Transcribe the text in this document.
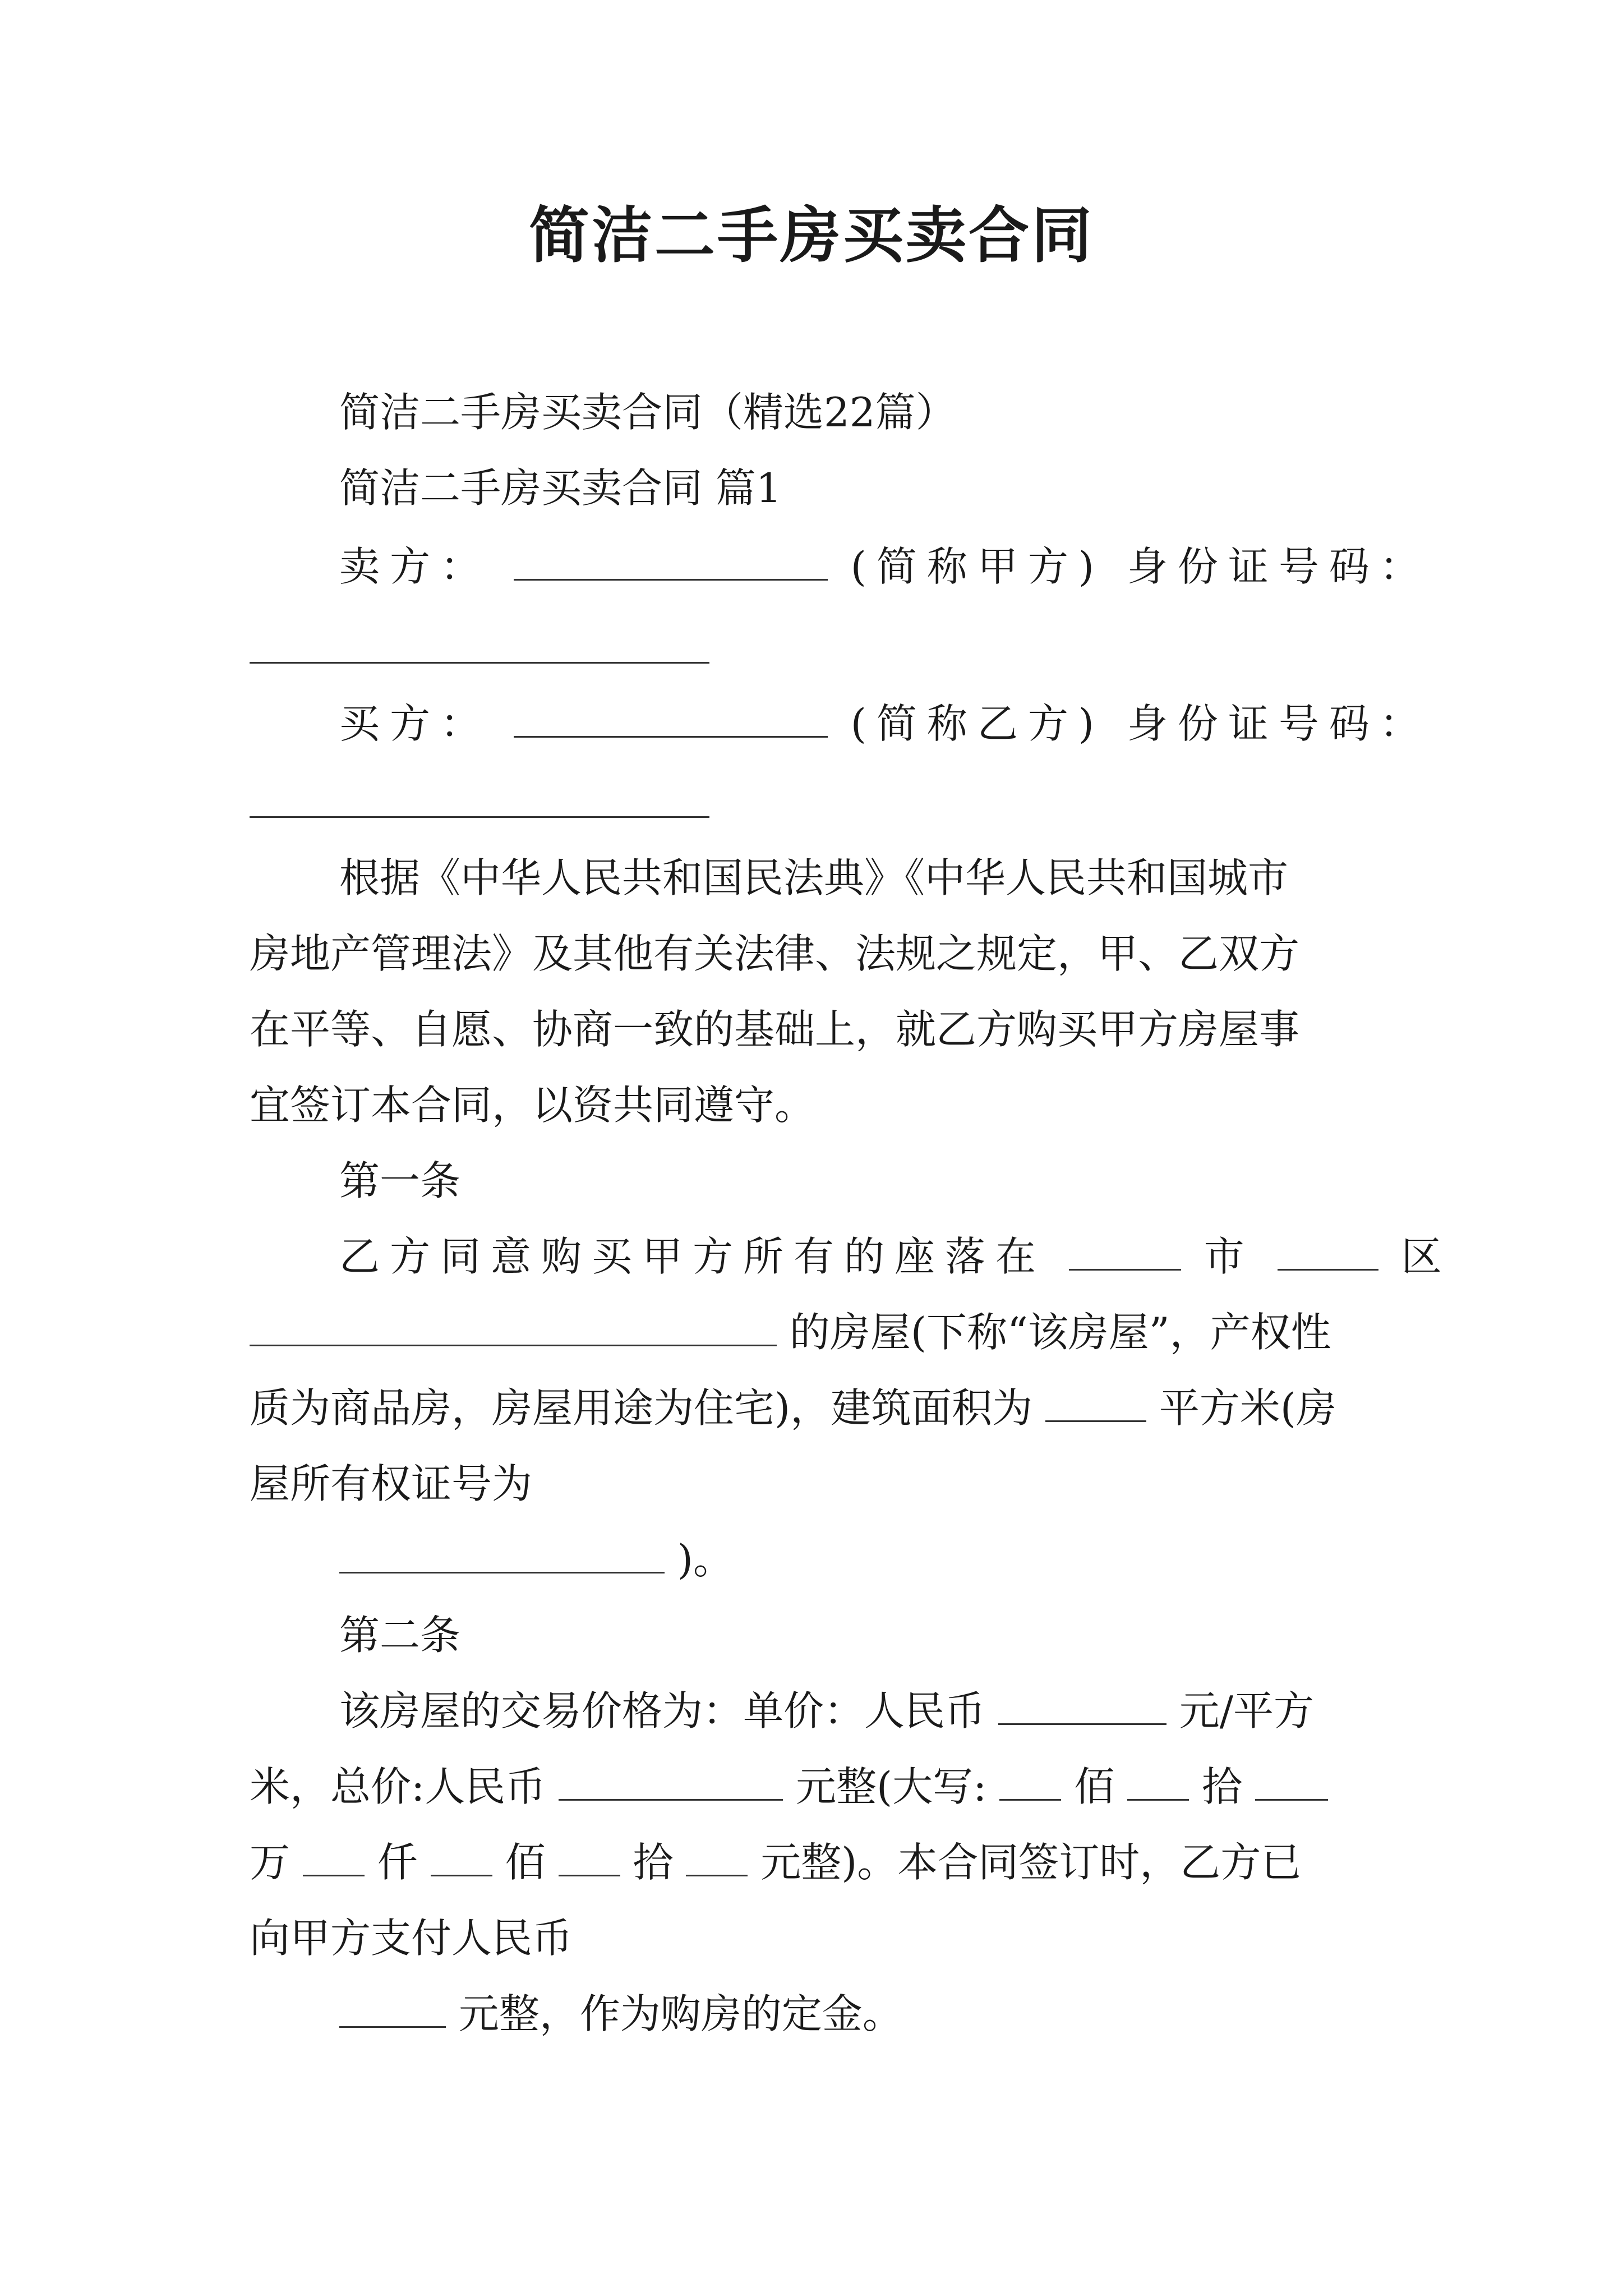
简洁二手房买卖合同
简洁二手房买卖合同（精选22篇）
简洁二手房买卖合同 篇1
卖方：	(简称甲方) 身份证号码：
买方：	(简称乙方) 身份证号码：
根据《中华人民共和国民法典》《中华人民共和国城市
房地产管理法》及其他有关法律、法规之规定，甲、乙双方
在平等、自愿、协商一致的基础上，就乙方购买甲方房屋事
宜签订本合同，以资共同遵守。
第一条
乙方同意购买甲方所有的座落在	市	区
的房屋(下称“该房屋”，产权性
质为商品房，房屋用途为住宅)，建筑面积为	平方米(房
屋所有权证号为
)。
第二条
该房屋的交易价格为：单价：人民币	元/平方
米，总价:人民币	元整(大写: 佰 拾
万 仟 佰 拾 元整)。本合同签订时，乙方已
向甲方支付人民币
元整，作为购房的定金。
